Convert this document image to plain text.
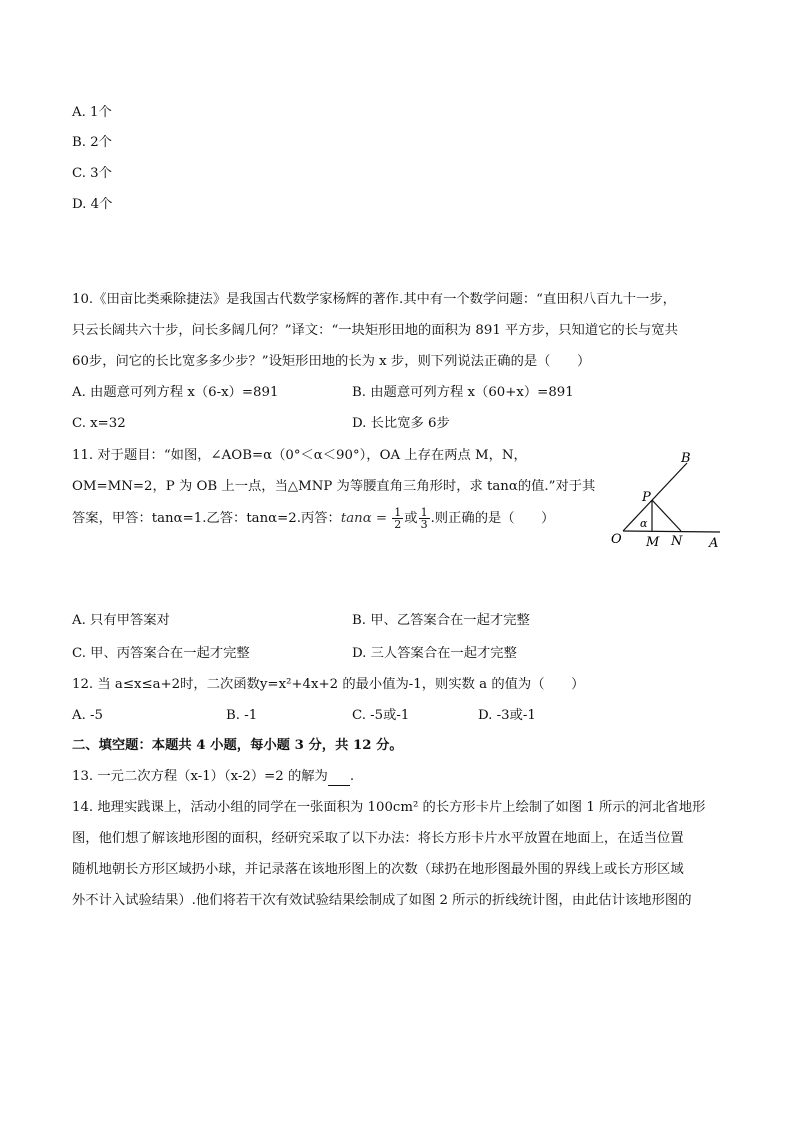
A. 1个
B. 2个
C. 3个
D. 4个
10.《田亩比类乘除捷法》是我国古代数学家杨辉的著作.其中有一个数学问题：“直田积八百九十一步，
只云长阔共六十步，问长多阔几何？”译文：“一块矩形田地的面积为 891 平方步，只知道它的长与宽共
60步，问它的长比宽多多少步？”设矩形田地的长为 x 步，则下列说法正确的是（　　）
A. 由题意可列方程 x（6-x）=891	B. 由题意可列方程 x（60+x）=891
C. x=32	D. 长比宽多 6步
11. 对于题目：“如图，∠AOB=α（0°＜α＜90°），OA 上存在两点 M，N，
OM=MN=2，P 为 OB 上一点，当△MNP 为等腰直角三角形时，求 tanα的值.”对于其
答案，甲答：tanα=1.乙答：tanα=2.丙答：$\tan\alpha = \frac{1}{2}$ 或 $\frac{1}{3}$ .则正确的是（　　）
B
P
α
O M N A
A. 只有甲答案对	B. 甲、乙答案合在一起才完整
C. 甲、丙答案合在一起才完整	D. 三人答案合在一起才完整
12. 当 a≤x≤a+2时，二次函数y=x²+4x+2 的最小值为-1，则实数 a 的值为（　　）
A. -5	B. -1	C. -5或-1	D. -3或-1
二、填空题：本题共 4 小题，每小题 3 分，共 12 分。
13. 一元二次方程（x-1）（x-2）=2 的解为 .
14. 地理实践课上，活动小组的同学在一张面积为 100cm² 的长方形卡片上绘制了如图 1 所示的河北省地形
图，他们想了解该地形图的面积，经研究采取了以下办法：将长方形卡片水平放置在地面上，在适当位置
随机地朝长方形区域扔小球，并记录落在该地形图上的次数（球扔在地形图最外围的界线上或长方形区域
外不计入试验结果）.他们将若干次有效试验结果绘制成了如图 2 所示的折线统计图，由此估计该地形图的
